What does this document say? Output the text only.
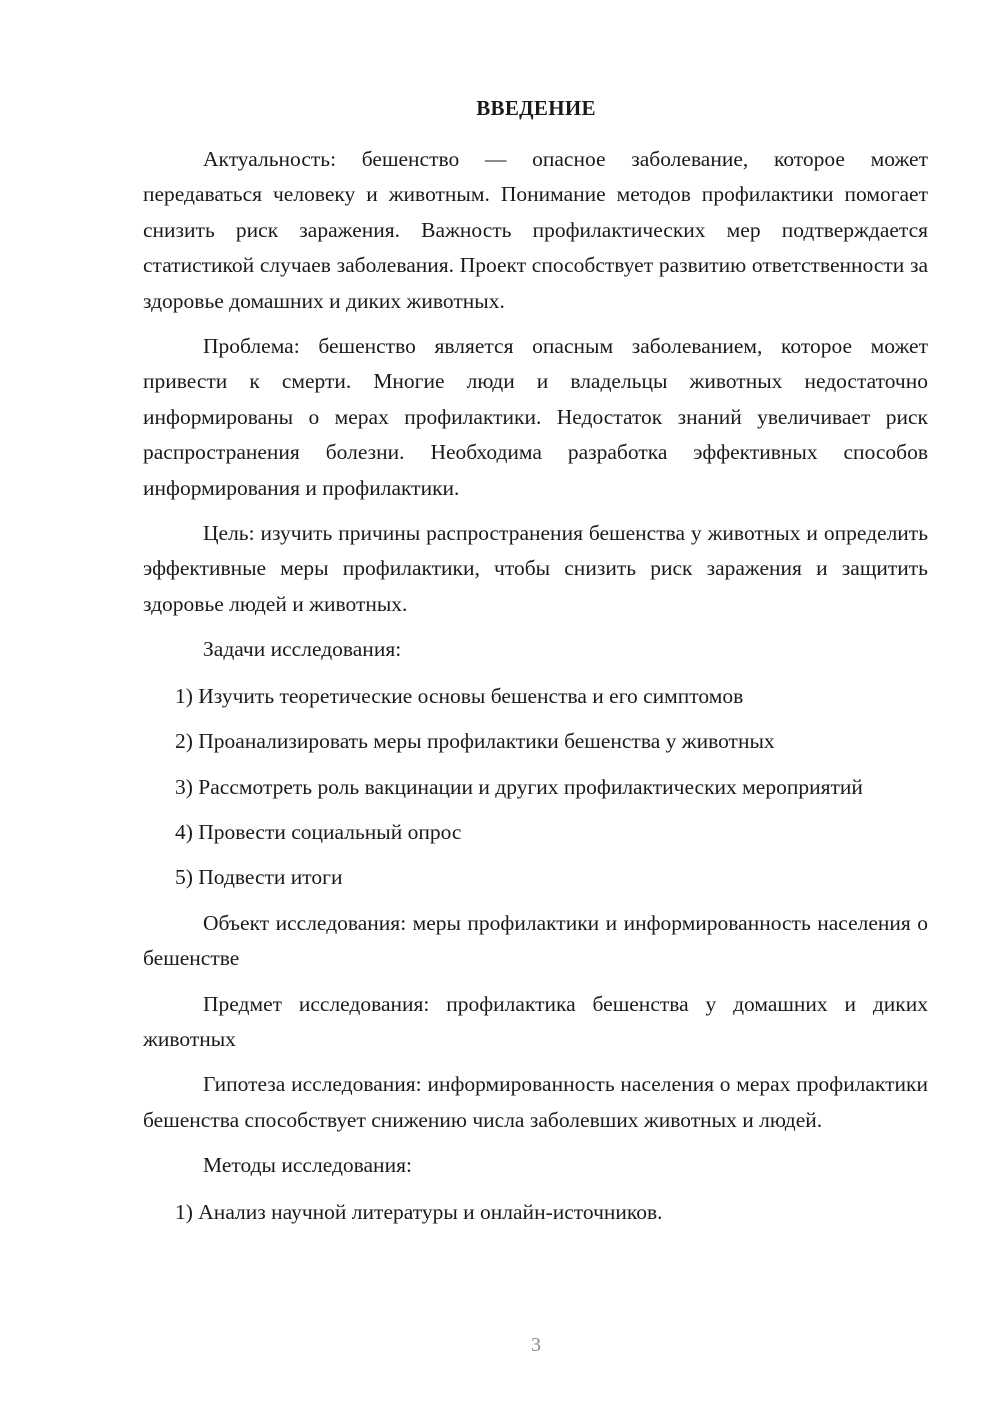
ВВЕДЕНИЕ

Актуальность: бешенство — опасное заболевание, которое может передаваться человеку и животным. Понимание методов профилактики помогает снизить риск заражения. Важность профилактических мер подтверждается статистикой случаев заболевания. Проект способствует развитию ответственности за здоровье домашних и диких животных.

Проблема: бешенство является опасным заболеванием, которое может привести к смерти. Многие люди и владельцы животных недостаточно информированы о мерах профилактики. Недостаток знаний увеличивает риск распространения болезни. Необходима разработка эффективных способов информирования и профилактики.

Цель: изучить причины распространения бешенства у животных и определить эффективные меры профилактики, чтобы снизить риск заражения и защитить здоровье людей и животных.

Задачи исследования:

1) Изучить теоретические основы бешенства и его симптомов

2) Проанализировать меры профилактики бешенства у животных

3) Рассмотреть роль вакцинации и других профилактических мероприятий

4) Провести социальный опрос

5) Подвести итоги

Объект исследования: меры профилактики и информированность населения о бешенстве

Предмет исследования: профилактика бешенства у домашних и диких животных

Гипотеза исследования: информированность населения о мерах профилактики бешенства способствует снижению числа заболевших животных и людей.

Методы исследования:

1) Анализ научной литературы и онлайн-источников.

3
